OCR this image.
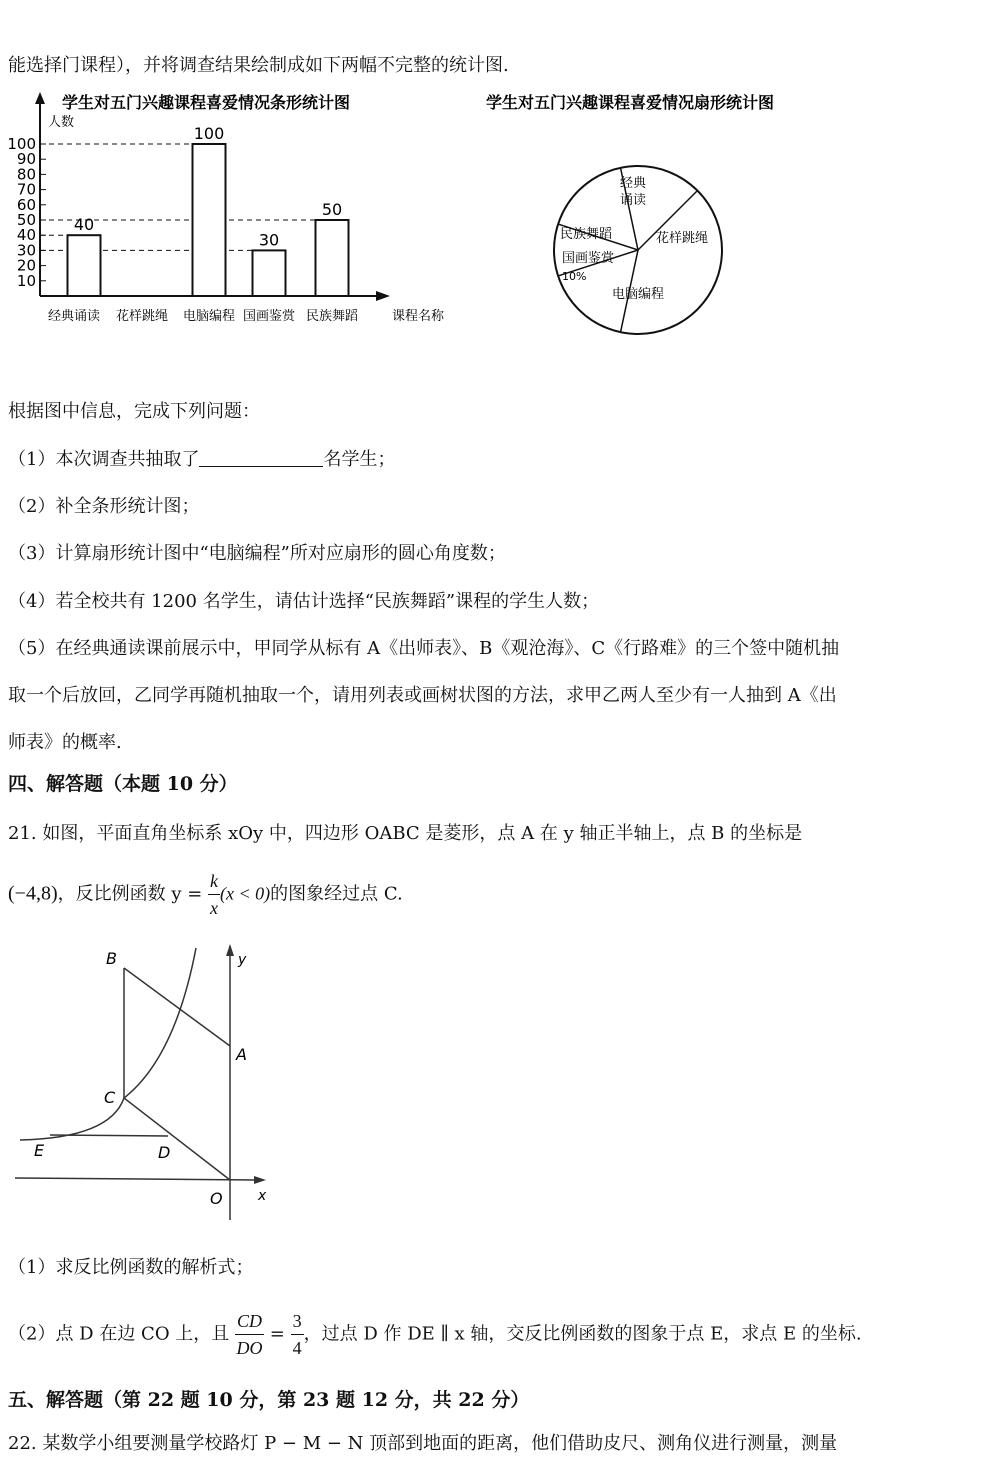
能选择门课程），并将调查结果绘制成如下两幅不完整的统计图.
学生对五门兴趣课程喜爱情况条形统计图
人数
课程名称
100
90
80
70
60
50
40
30
20
10
40
经典诵读 花样跳绳
100
电脑编程
30
国画鉴赏
50
民族舞蹈
学生对五门兴趣课程喜爱情况扇形统计图
经典
诵读
花样跳绳
民族舞蹈
国画鉴赏
10%
电脑编程
根据图中信息，完成下列问题：
（1）本次调查共抽取了	名学生；
（2）补全条形统计图；
（3）计算扇形统计图中“电脑编程”所对应扇形的圆心角度数；
（4）若全校共有 1200 名学生，请估计选择“民族舞蹈”课程的学生人数；
（5）在经典通读课前展示中，甲同学从标有 A《出师表》、B《观沧海》、C《行路难》的三个签中随机抽
取一个后放回，乙同学再随机抽取一个，请用列表或画树状图的方法，求甲乙两人至少有一人抽到 A《出
师表》的概率.
四、解答题（本题 10 分）
21. 如图，平面直角坐标系 xOy 中，四边形 OABC 是菱形，点 A 在 y 轴正半轴上，点 B 的坐标是
(−4,8)，反比例函数 $y = \frac{k}{x} (x < 0)$的图象经过点 C.
B
A
C
D
E
O	x
y
（1）求反比例函数的解析式；
（2）点 D 在边 CO 上，且 $\frac{CD}{DO} = \frac{3}{4}$ ，过点 D 作 DE ∥ x 轴，交反比例函数的图象于点 E，求点 E 的坐标.
五、解答题（第 22 题 10 分，第 23 题 12 分，共 22 分）
22. 某数学小组要测量学校路灯 P − M − N 顶部到地面的距离，他们借助皮尺、测角仪进行测量，测量
